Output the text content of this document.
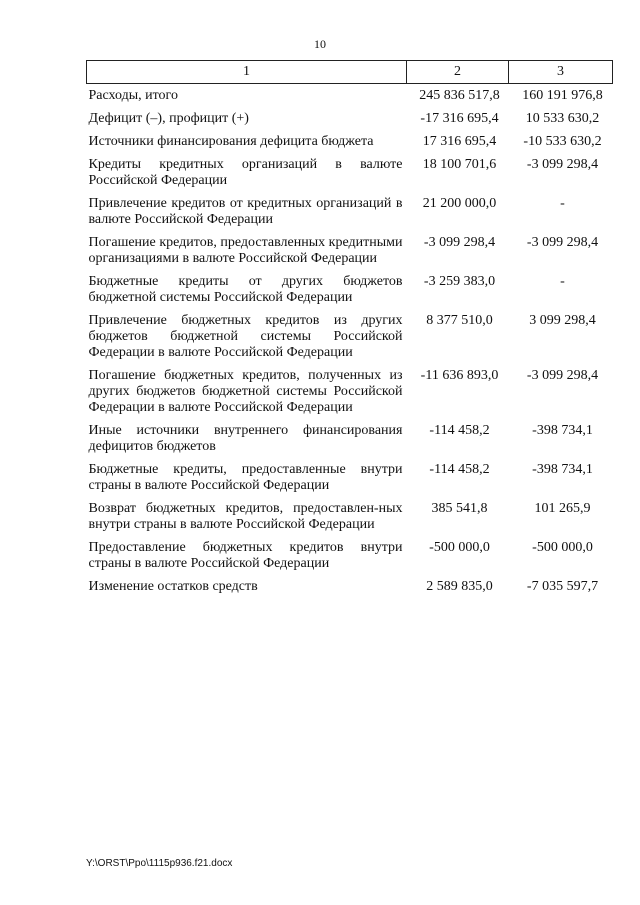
10
1	2	3
Расходы, итого	245 836 517,8	160 191 976,8
Дефицит (–), профицит (+)	-17 316 695,4	10 533 630,2
Источники финансирования дефицита бюджета	17 316 695,4	-10 533 630,2
Кредиты кредитных организаций в валюте Российской Федерации	18 100 701,6	-3 099 298,4
Привлечение кредитов от кредитных организаций в валюте Российской Федерации	21 200 000,0	-
Погашение кредитов, предоставленных кредитными организациями в валюте Российской Федерации	-3 099 298,4	-3 099 298,4
Бюджетные кредиты от других бюджетов бюджетной системы Российской Федерации	-3 259 383,0	-
Привлечение бюджетных кредитов из других бюджетов бюджетной системы Российской Федерации в валюте Российской Федерации	8 377 510,0	3 099 298,4
Погашение бюджетных кредитов, полученных из других бюджетов бюджетной системы Российской Федерации в валюте Российской Федерации	-11 636 893,0	-3 099 298,4
Иные источники внутреннего финансирования дефицитов бюджетов	-114 458,2	-398 734,1
Бюджетные кредиты, предоставленные внутри страны в валюте Российской Федерации	-114 458,2	-398 734,1
Возврат бюджетных кредитов, предоставлен-ных внутри страны в валюте Российской Федерации	385 541,8	101 265,9
Предоставление бюджетных кредитов внутри страны в валюте Российской Федерации	-500 000,0	-500 000,0
Изменение остатков средств	2 589 835,0	-7 035 597,7
Y:\ORST\Ppo\1115p936.f21.docx
